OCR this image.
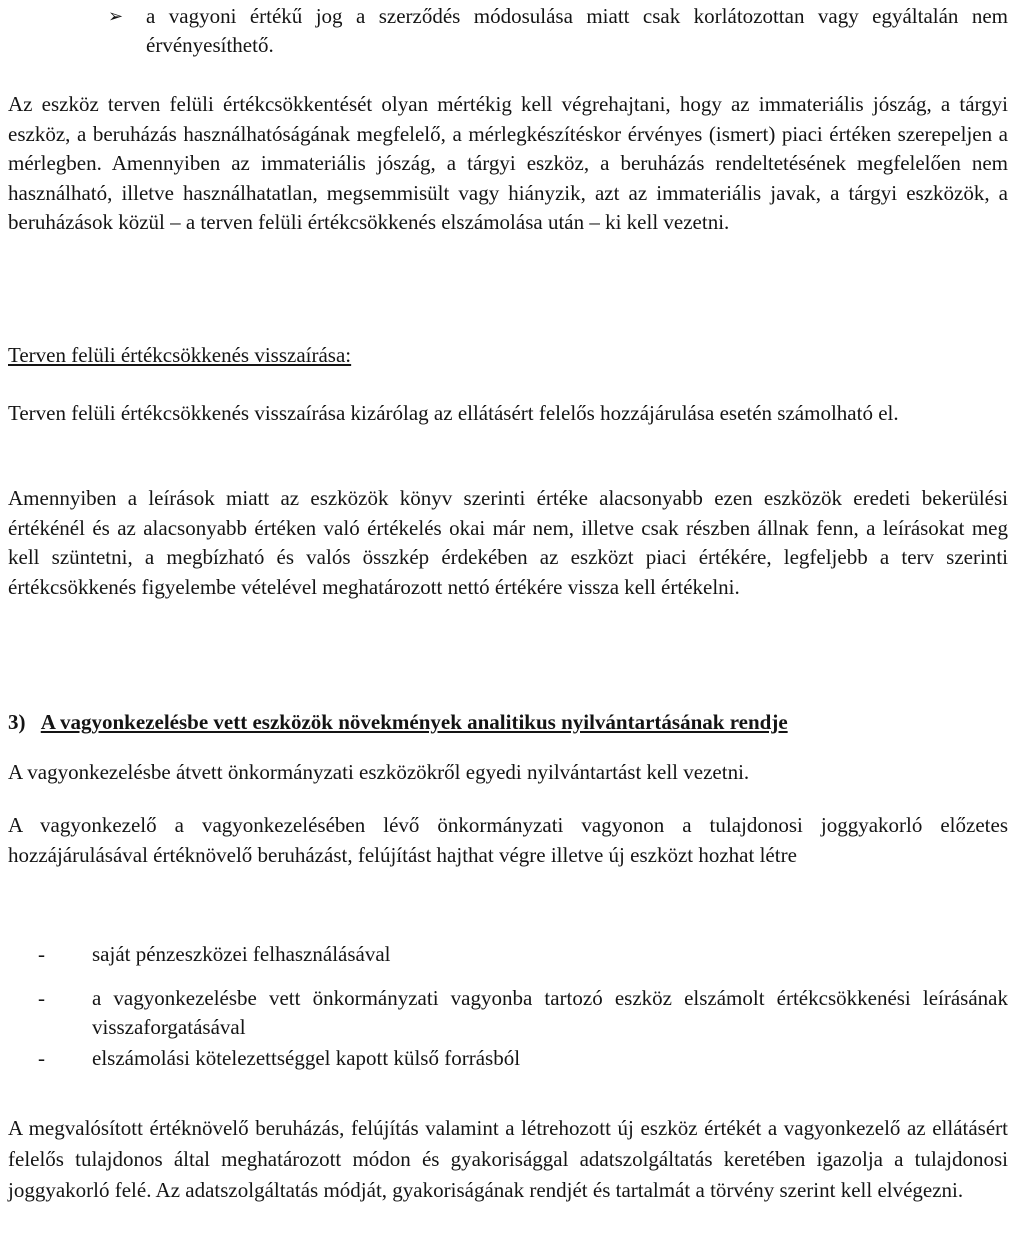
➢ a vagyoni értékű jog a szerződés módosulása miatt csak korlátozottan vagy egyáltalán nem érvényesíthető.
Az eszköz terven felüli értékcsökkentését olyan mértékig kell végrehajtani, hogy az immateriális jószág, a tárgyi eszköz, a beruházás használhatóságának megfelelő, a mérlegkészítéskor érvényes (ismert) piaci értéken szerepeljen a mérlegben. Amennyiben az immateriális jószág, a tárgyi eszköz, a beruházás rendeltetésének megfelelően nem használható, illetve használhatatlan, megsemmisült vagy hiányzik, azt az immateriális javak, a tárgyi eszközök, a beruházások közül – a terven felüli értékcsökkenés elszámolása után – ki kell vezetni.
Terven felüli értékcsökkenés visszaírása:
Terven felüli értékcsökkenés visszaírása kizárólag az ellátásért felelős hozzájárulása esetén számolható el.
Amennyiben a leírások miatt az eszközök könyv szerinti értéke alacsonyabb ezen eszközök eredeti bekerülési értékénél és az alacsonyabb értéken való értékelés okai már nem, illetve csak részben állnak fenn, a leírásokat meg kell szüntetni, a megbízható és valós összkép érdekében az eszközt piaci értékére, legfeljebb a terv szerinti értékcsökkenés figyelembe vételével meghatározott nettó értékére vissza kell értékelni.
3) A vagyonkezelésbe vett eszközök növekmények analitikus nyilvántartásának rendje
A vagyonkezelésbe átvett önkormányzati eszközökről egyedi nyilvántartást kell vezetni.
A vagyonkezelő a vagyonkezelésében lévő önkormányzati vagyonon a tulajdonosi joggyakorló előzetes hozzájárulásával értéknövelő beruházást, felújítást hajthat végre illetve új eszközt hozhat létre
-	saját pénzeszközei felhasználásával
-	a vagyonkezelésbe vett önkormányzati vagyonba tartozó eszköz elszámolt értékcsökkenési leírásának visszaforgatásával
-	elszámolási kötelezettséggel kapott külső forrásból
A megvalósított értéknövelő beruházás, felújítás valamint a létrehozott új eszköz értékét a vagyonkezelő az ellátásért felelős tulajdonos által meghatározott módon és gyakorisággal adatszolgáltatás keretében igazolja a tulajdonosi joggyakorló felé. Az adatszolgáltatás módját, gyakoriságának rendjét és tartalmát a törvény szerint kell elvégezni.
